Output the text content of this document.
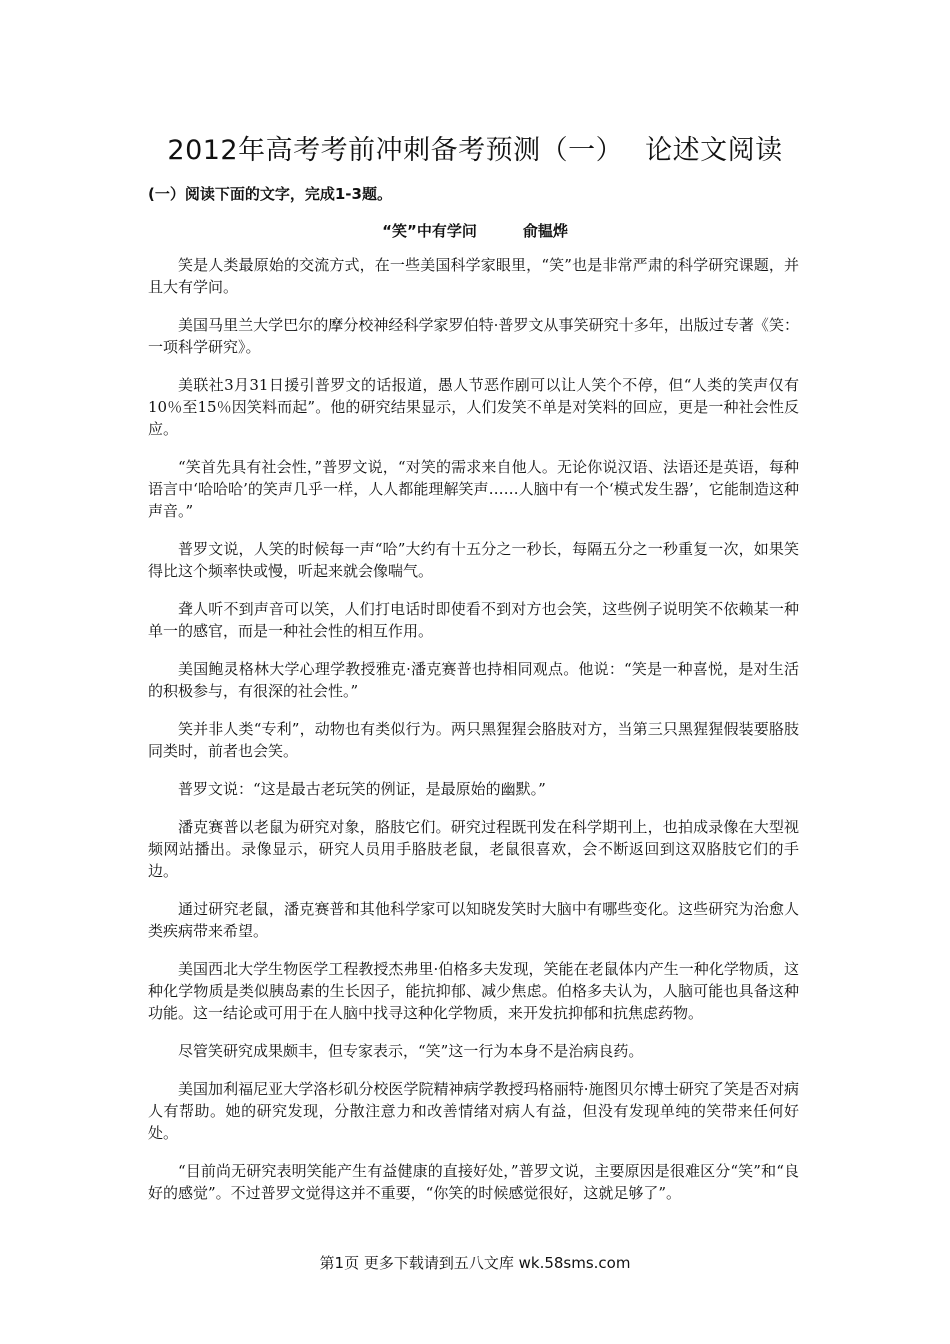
2012年高考考前冲刺备考预测（一） 论述文阅读
(一）阅读下面的文字，完成1-3题。
“笑”中有学问	俞韫烨

笑是人类最原始的交流方式，在一些美国科学家眼里，“笑”也是非常严肃的科学研究课题，并且大有学问。

美国马里兰大学巴尔的摩分校神经科学家罗伯特·普罗文从事笑研究十多年，出版过专著《笑：一项科学研究》。

美联社3月31日援引普罗文的话报道，愚人节恶作剧可以让人笑个不停，但“人类的笑声仅有10％至15％因笑料而起”。他的研究结果显示，人们发笑不单是对笑料的回应，更是一种社会性反应。

“笑首先具有社会性，”普罗文说，“对笑的需求来自他人。无论你说汉语、法语还是英语，每种语言中‘哈哈哈’的笑声几乎一样，人人都能理解笑声……人脑中有一个‘模式发生器’，它能制造这种声音。”

普罗文说，人笑的时候每一声“哈”大约有十五分之一秒长，每隔五分之一秒重复一次，如果笑得比这个频率快或慢，听起来就会像喘气。

聋人听不到声音可以笑，人们打电话时即使看不到对方也会笑，这些例子说明笑不依赖某一种单一的感官，而是一种社会性的相互作用。

美国鲍灵格林大学心理学教授雅克·潘克赛普也持相同观点。他说：“笑是一种喜悦，是对生活的积极参与，有很深的社会性。”

笑并非人类“专利”，动物也有类似行为。两只黑猩猩会胳肢对方，当第三只黑猩猩假装要胳肢同类时，前者也会笑。

普罗文说：“这是最古老玩笑的例证，是最原始的幽默。”

潘克赛普以老鼠为研究对象，胳肢它们。研究过程既刊发在科学期刊上，也拍成录像在大型视频网站播出。录像显示，研究人员用手胳肢老鼠，老鼠很喜欢，会不断返回到这双胳肢它们的手边。

通过研究老鼠，潘克赛普和其他科学家可以知晓发笑时大脑中有哪些变化。这些研究为治愈人类疾病带来希望。

美国西北大学生物医学工程教授杰弗里·伯格多夫发现，笑能在老鼠体内产生一种化学物质，这种化学物质是类似胰岛素的生长因子，能抗抑郁、减少焦虑。伯格多夫认为，人脑可能也具备这种功能。这一结论或可用于在人脑中找寻这种化学物质，来开发抗抑郁和抗焦虑药物。

尽管笑研究成果颇丰，但专家表示，“笑”这一行为本身不是治病良药。

美国加利福尼亚大学洛杉矶分校医学院精神病学教授玛格丽特·施图贝尔博士研究了笑是否对病人有帮助。她的研究发现，分散注意力和改善情绪对病人有益，但没有发现单纯的笑带来任何好处。

“目前尚无研究表明笑能产生有益健康的直接好处，”普罗文说，主要原因是很难区分“笑”和“良好的感觉”。不过普罗文觉得这并不重要，“你笑的时候感觉很好，这就足够了”。

第1页 更多下载请到五八文库 wk.58sms.com
